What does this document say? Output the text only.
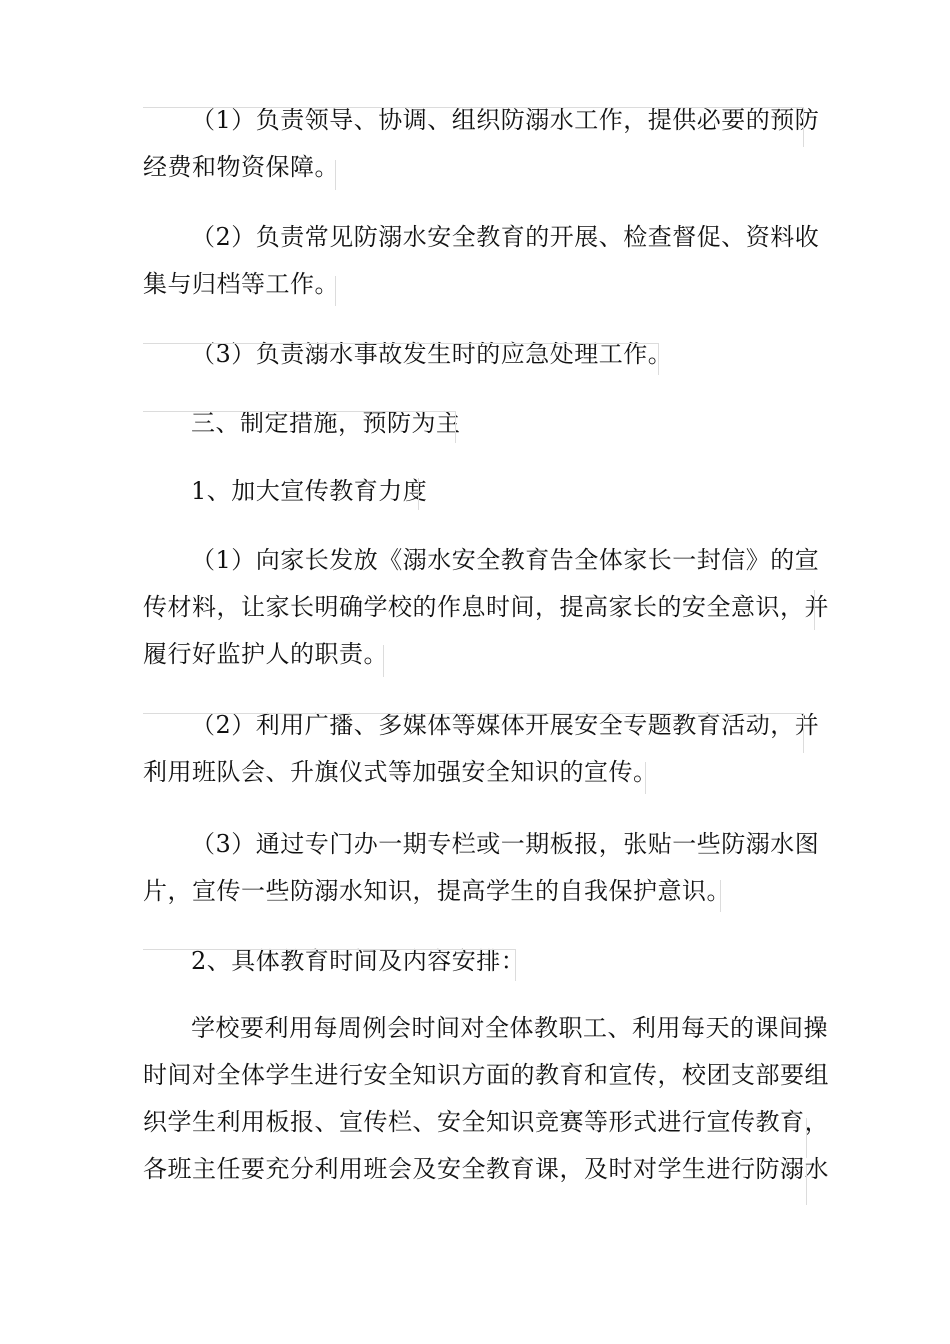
（1）负责领导、协调、组织防溺水工作，提供必要的预防
经费和物资保障。
（2）负责常见防溺水安全教育的开展、检查督促、资料收
集与归档等工作。
（3）负责溺水事故发生时的应急处理工作。
三、制定措施，预防为主
1、加大宣传教育力度
（1）向家长发放《溺水安全教育告全体家长一封信》的宣
传材料，让家长明确学校的作息时间，提高家长的安全意识，并
履行好监护人的职责。
（2）利用广播、多媒体等媒体开展安全专题教育活动，并
利用班队会、升旗仪式等加强安全知识的宣传。
（3）通过专门办一期专栏或一期板报，张贴一些防溺水图
片，宣传一些防溺水知识，提高学生的自我保护意识。
2、具体教育时间及内容安排：
学校要利用每周例会时间对全体教职工、利用每天的课间操
时间对全体学生进行安全知识方面的教育和宣传，校团支部要组
织学生利用板报、宣传栏、安全知识竞赛等形式进行宣传教育，
各班主任要充分利用班会及安全教育课，及时对学生进行防溺水
